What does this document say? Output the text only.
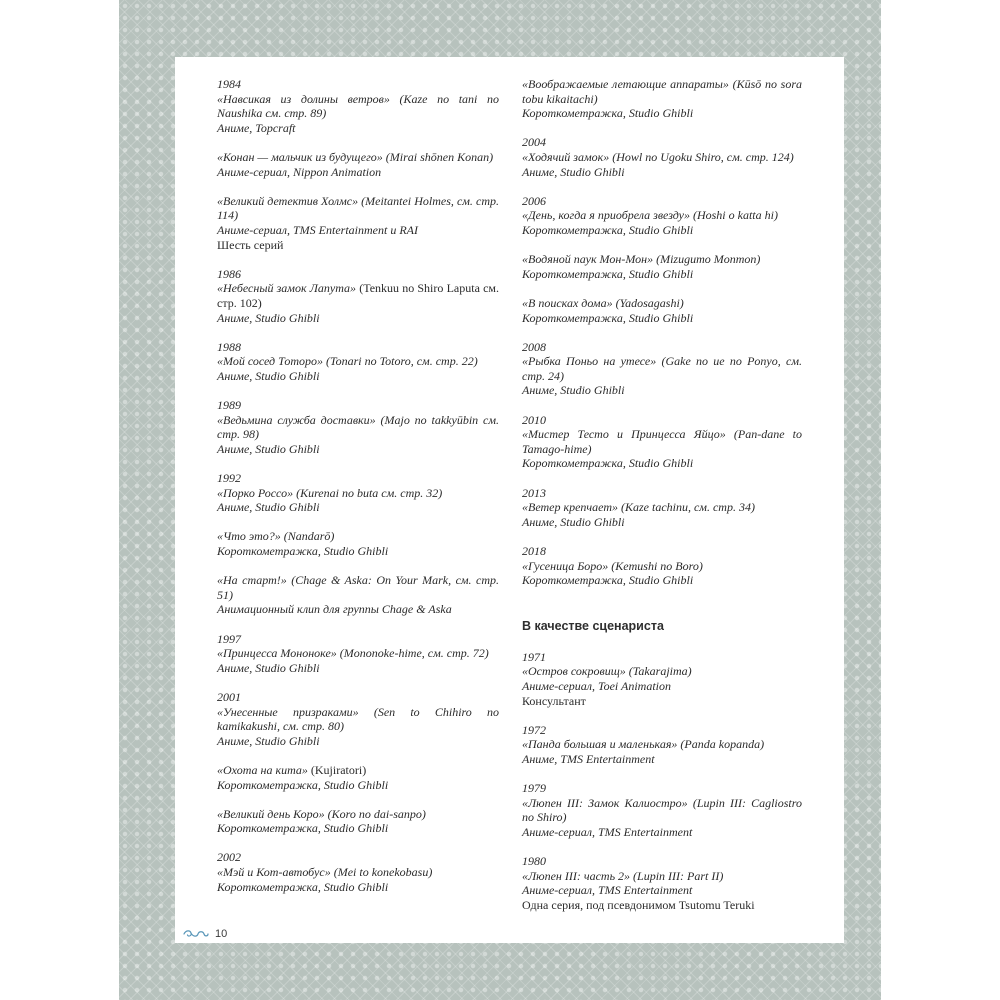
1984
«Навсикая из долины ветров» (Kaze no tani no Naushika см. стр. 89)
Аниме, Topcraft
«Конан — мальчик из будущего» (Mirai shōnen Konan)
Аниме-сериал, Nippon Animation
«Великий детектив Холмс» (Meitantei Holmes, см. стр. 114)
Аниме-сериал, TMS Entertainment и RAI
Шесть серий
1986
«Небесный замок Лапута» (Tenkuu no Shiro Laputa см. стр. 102)
Аниме, Studio Ghibli
1988
«Мой сосед Тоторо» (Tonari no Totoro, см. стр. 22)
Аниме, Studio Ghibli
1989
«Ведьмина служба доставки» (Majo no takkyūbin см. стр. 98)
Аниме, Studio Ghibli
1992
«Порко Россо» (Kurenai no buta см. стр. 32)
Аниме, Studio Ghibli
«Что это?» (Nandarō)
Короткометражка, Studio Ghibli
«На старт!» (Chage & Aska: On Your Mark, см. стр. 51)
Анимационный клип для группы Chage & Aska
1997
«Принцесса Мононоке» (Mononoke-hime, см. стр. 72)
Аниме, Studio Ghibli
2001
«Унесенные призраками» (Sen to Chihiro no kamikakushi, см. стр. 80)
Аниме, Studio Ghibli
«Охота на кита» (Kujiratori)
Короткометражка, Studio Ghibli
«Великий день Коро» (Koro no dai-sanpo)
Короткометражка, Studio Ghibli
2002
«Мэй и Кот-автобус» (Mei to konekobasu)
Короткометражка, Studio Ghibli
«Воображаемые летающие аппараты» (Kūsō no sora tobu kikaitachi)
Короткометражка, Studio Ghibli
2004
«Ходячий замок» (Howl no Ugoku Shiro, см. стр. 124)
Аниме, Studio Ghibli
2006
«День, когда я приобрела звезду» (Hoshi o katta hi)
Короткометражка, Studio Ghibli
«Водяной паук Мон-Мон» (Mizugumo Monmon)
Короткометражка, Studio Ghibli
«В поисках дома» (Yadosagashi)
Короткометражка, Studio Ghibli
2008
«Рыбка Поньо на утесе» (Gake no ue no Ponyo, см. стр. 24)
Аниме, Studio Ghibli
2010
«Мистер Тесто и Принцесса Яйцо» (Pan-dane to Tamago-hime)
Короткометражка, Studio Ghibli
2013
«Ветер крепчает» (Kaze tachinu, см. стр. 34)
Аниме, Studio Ghibli
2018
«Гусеница Боро» (Kemushi no Boro)
Короткометражка, Studio Ghibli
В качестве сценариста
1971
«Остров сокровищ» (Takarajima)
Аниме-сериал, Toei Animation
Консультант
1972
«Панда большая и маленькая» (Panda kopanda)
Аниме, TMS Entertainment
1979
«Люпен III: Замок Калиостро» (Lupin III: Cagliostro no Shiro)
Аниме-сериал, TMS Entertainment
1980
«Люпен III: часть 2» (Lupin III: Part II)
Аниме-сериал, TMS Entertainment
Одна серия, под псевдонимом Tsutomu Teruki
10
